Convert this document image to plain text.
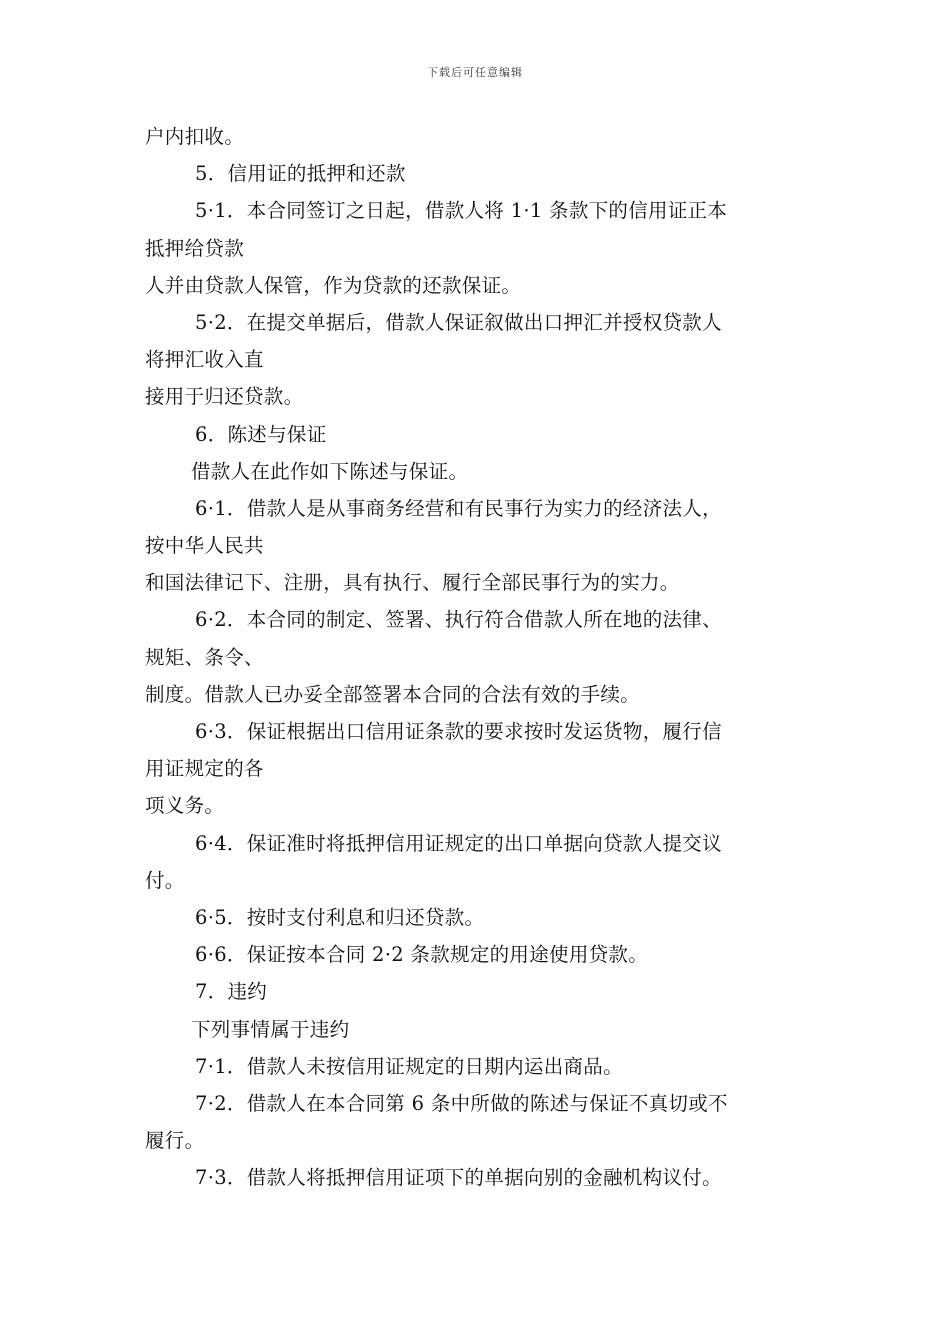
下载后可任意编辑
户内扣收。
5．信用证的抵押和还款
5·1．本合同签订之日起，借款人将 1·1 条款下的信用证正本
抵押给贷款
人并由贷款人保管，作为贷款的还款保证。
5·2．在提交单据后，借款人保证叙做出口押汇并授权贷款人
将押汇收入直
接用于归还贷款。
6．陈述与保证
借款人在此作如下陈述与保证。
6·1．借款人是从事商务经营和有民事行为实力的经济法人，
按中华人民共
和国法律记下、注册，具有执行、履行全部民事行为的实力。
6·2．本合同的制定、签署、执行符合借款人所在地的法律、
规矩、条令、
制度。借款人已办妥全部签署本合同的合法有效的手续。
6·3．保证根据出口信用证条款的要求按时发运货物，履行信
用证规定的各
项义务。
6·4．保证准时将抵押信用证规定的出口单据向贷款人提交议
付。
6·5．按时支付利息和归还贷款。
6·6．保证按本合同 2·2 条款规定的用途使用贷款。
7．违约
下列事情属于违约
7·1．借款人未按信用证规定的日期内运出商品。
7·2．借款人在本合同第 6 条中所做的陈述与保证不真切或不
履行。
7·3．借款人将抵押信用证项下的单据向别的金融机构议付。
